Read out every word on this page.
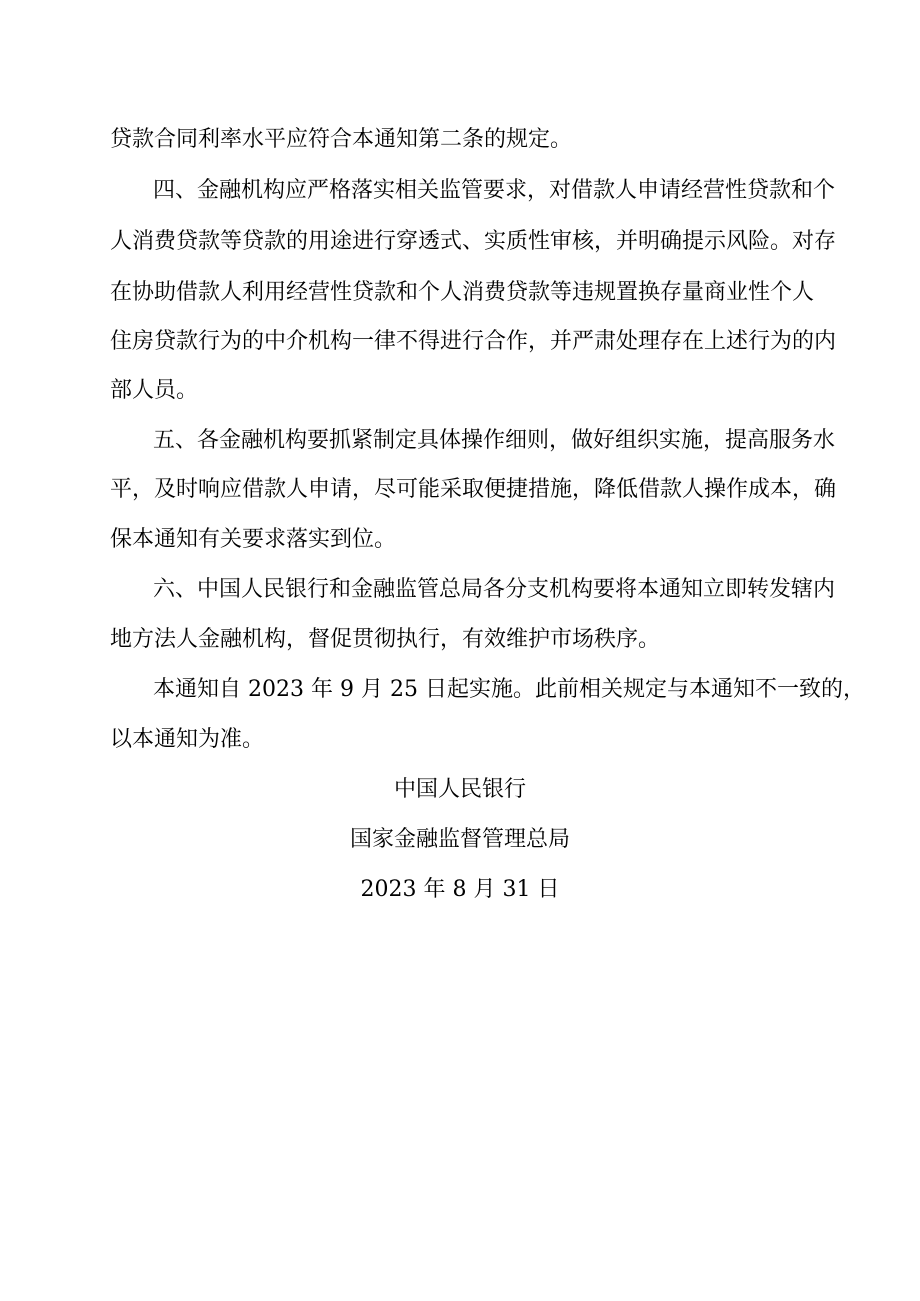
贷款合同利率水平应符合本通知第二条的规定。
四、金融机构应严格落实相关监管要求，对借款人申请经营性贷款和个
人消费贷款等贷款的用途进行穿透式、实质性审核，并明确提示风险。对存
在协助借款人利用经营性贷款和个人消费贷款等违规置换存量商业性个人
住房贷款行为的中介机构一律不得进行合作，并严肃处理存在上述行为的内
部人员。
五、各金融机构要抓紧制定具体操作细则，做好组织实施，提高服务水
平，及时响应借款人申请，尽可能采取便捷措施，降低借款人操作成本，确
保本通知有关要求落实到位。
六、中国人民银行和金融监管总局各分支机构要将本通知立即转发辖内
地方法人金融机构，督促贯彻执行，有效维护市场秩序。
本通知自 2023 年 9 月 25 日起实施。此前相关规定与本通知不一致的，
以本通知为准。
中国人民银行
国家金融监督管理总局
2023 年 8 月 31 日
